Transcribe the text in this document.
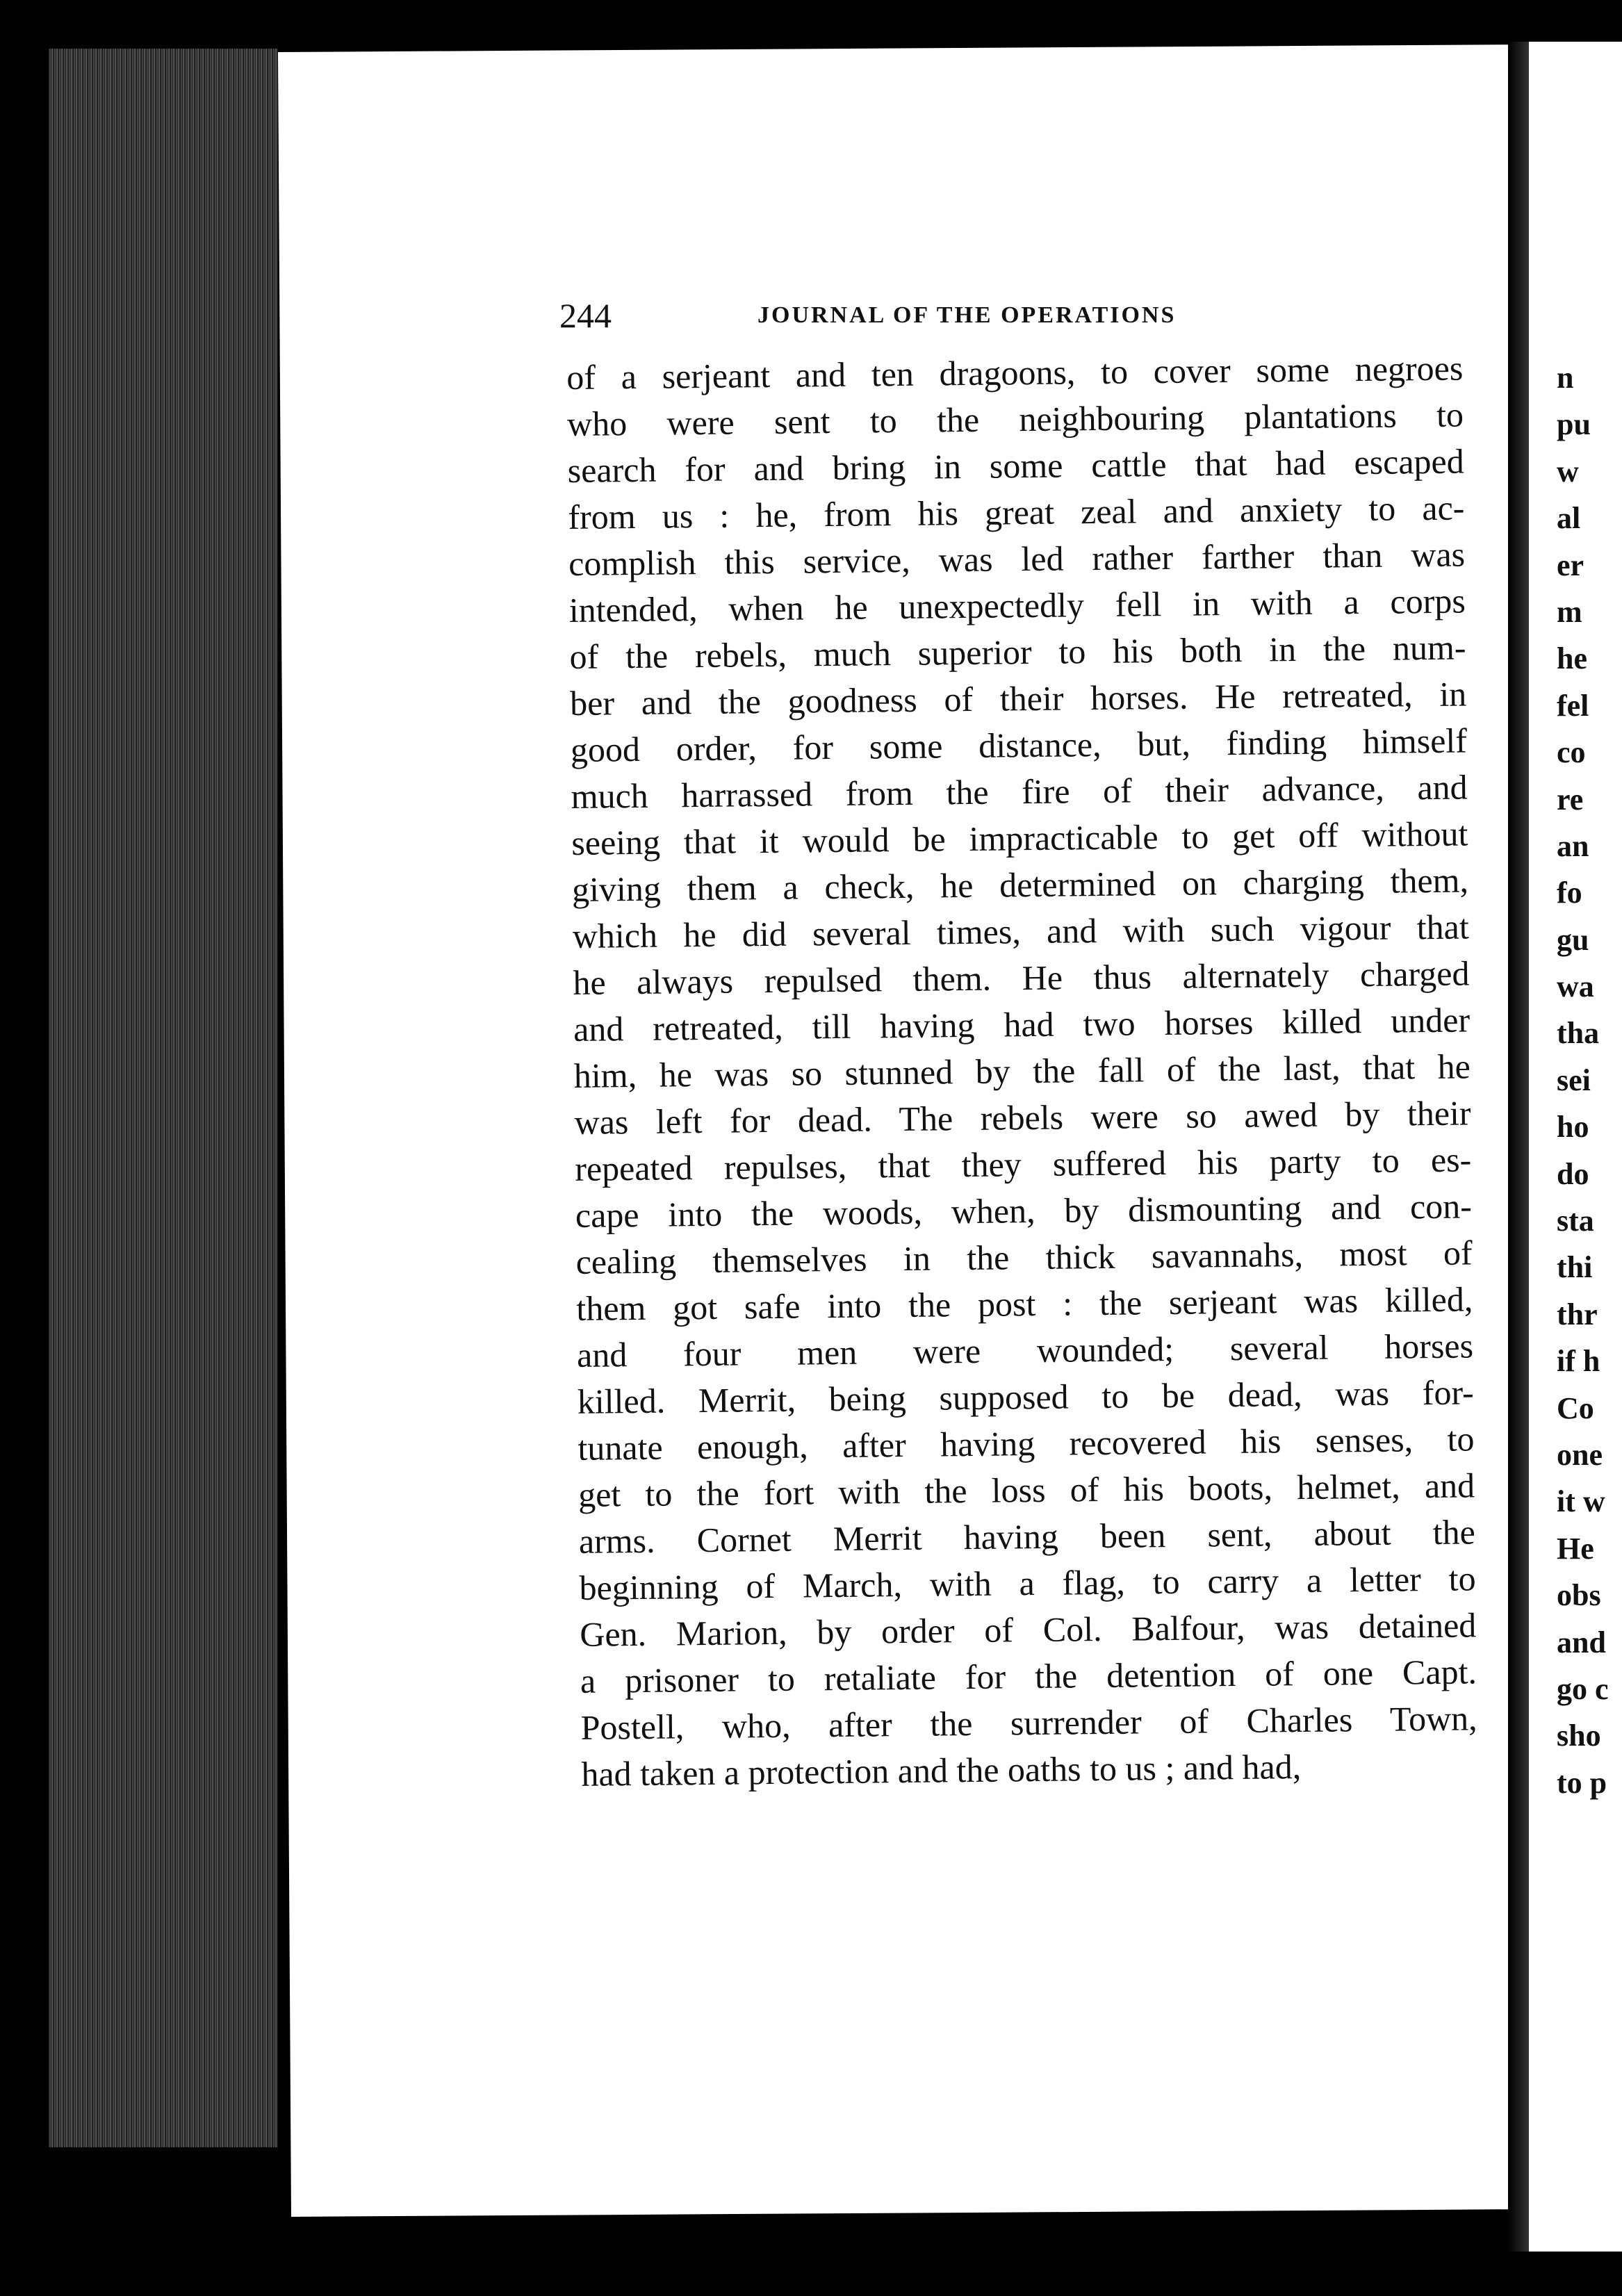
244	JOURNAL OF THE OPERATIONS
of a serjeant and ten dragoons, to cover some negroes
who were sent to the neighbouring plantations to
search for and bring in some cattle that had escaped
from us : he, from his great zeal and anxiety to ac-
complish this service, was led rather farther than was
intended, when he unexpectedly fell in with a corps
of the rebels, much superior to his both in the num-
ber and the goodness of their horses. He retreated, in
good order, for some distance, but, finding himself
much harrassed from the fire of their advance, and
seeing that it would be impracticable to get off without
giving them a check, he determined on charging them,
which he did several times, and with such vigour that
he always repulsed them. He thus alternately charged
and retreated, till having had two horses killed under
him, he was so stunned by the fall of the last, that he
was left for dead. The rebels were so awed by their
repeated repulses, that they suffered his party to es-
cape into the woods, when, by dismounting and con-
cealing themselves in the thick savannahs, most of
them got safe into the post : the serjeant was killed,
and four men were wounded; several horses
killed. Merrit, being supposed to be dead, was for-
tunate enough, after having recovered his senses, to
get to the fort with the loss of his boots, helmet, and
arms. Cornet Merrit having been sent, about the
beginning of March, with a flag, to carry a letter to
Gen. Marion, by order of Col. Balfour, was detained
a prisoner to retaliate for the detention of one Capt.
Postell, who, after the surrender of Charles Town,
had taken a protection and the oaths to us ; and had,
n
pu
w
al
er
m
he
fel
co
re
an
fo
gu
wa
tha
sei
ho
do
sta
thi
thr
if h
Co
one
it w
He
obs
and
go c
sho
to p
